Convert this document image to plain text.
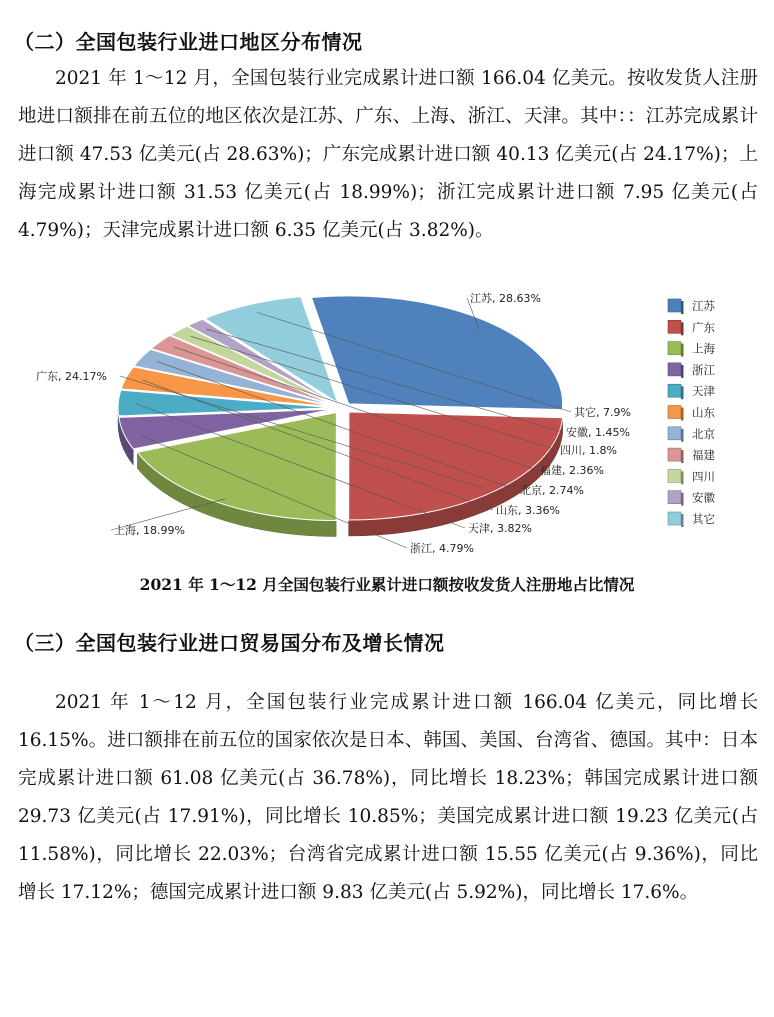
（二）全国包装行业进口地区分布情况

2021 年 1～12 月，全国包装行业完成累计进口额 166.04 亿美元。按收发货人注册地进口额排在前五位的地区依次是江苏、广东、上海、浙江、天津。其中：：江苏完成累计进口额 47.53 亿美元(占 28.63%)；广东完成累计进口额 40.13 亿美元(占 24.17%)；上海完成累计进口额 31.53 亿美元(占 18.99%)；浙江完成累计进口额 7.95 亿美元(占 4.79%)；天津完成累计进口额 6.35 亿美元(占 3.82%)。

江苏, 28.63%
广东, 24.17%
上海, 18.99%
浙江, 4.79%
天津, 3.82%
山东, 3.36%
北京, 2.74%
福建, 2.36%
四川, 1.8%
安徽, 1.45%
其它, 7.9%
江苏
广东
上海
浙江
天津
山东
北京
福建
四川
安徽
其它
2021 年 1～12 月全国包装行业累计进口额按收发货人注册地占比情况
（三）全国包装行业进口贸易国分布及增长情况

2021 年 1～12 月，全国包装行业完成累计进口额 166.04 亿美元，同比增长 16.15%。进口额排在前五位的国家依次是日本、韩国、美国、台湾省、德国。其中：日本完成累计进口额 61.08 亿美元(占 36.78%)，同比增长 18.23%；韩国完成累计进口额 29.73 亿美元(占 17.91%)，同比增长 10.85%；美国完成累计进口额 19.23 亿美元(占 11.58%)，同比增长 22.03%；台湾省完成累计进口额 15.55 亿美元(占 9.36%)，同比增长 17.12%；德国完成累计进口额 9.83 亿美元(占 5.92%)，同比增长 17.6%。
